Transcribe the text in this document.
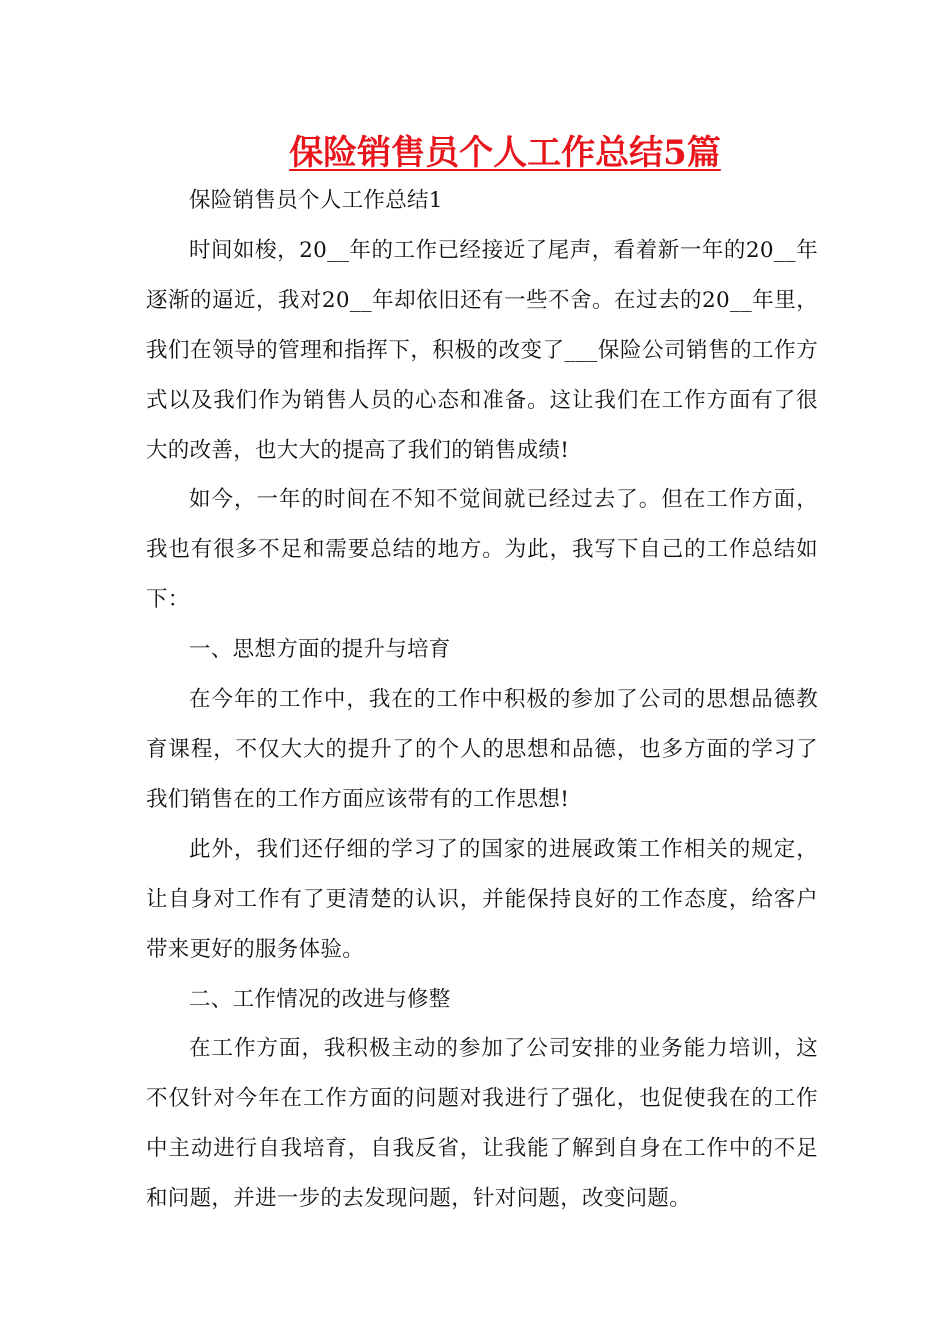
保险销售员个人工作总结5篇

保险销售员个人工作总结1

时间如梭，20__年的工作已经接近了尾声，看着新一年的20__年逐渐的逼近，我对20__年却依旧还有一些不舍。在过去的20__年里，我们在领导的管理和指挥下，积极的改变了___保险公司销售的工作方式以及我们作为销售人员的心态和准备。这让我们在工作方面有了很大的改善，也大大的提高了我们的销售成绩!

如今，一年的时间在不知不觉间就已经过去了。但在工作方面，我也有很多不足和需要总结的地方。为此，我写下自己的工作总结如下：

一、思想方面的提升与培育

在今年的工作中，我在的工作中积极的参加了公司的思想品德教育课程，不仅大大的提升了的个人的思想和品德，也多方面的学习了我们销售在的工作方面应该带有的工作思想!

此外，我们还仔细的学习了的国家的进展政策工作相关的规定，让自身对工作有了更清楚的认识，并能保持良好的工作态度，给客户带来更好的服务体验。

二、工作情况的改进与修整

在工作方面，我积极主动的参加了公司安排的业务能力培训，这不仅针对今年在工作方面的问题对我进行了强化，也促使我在的工作中主动进行自我培育，自我反省，让我能了解到自身在工作中的不足和问题，并进一步的去发现问题，针对问题，改变问题。
